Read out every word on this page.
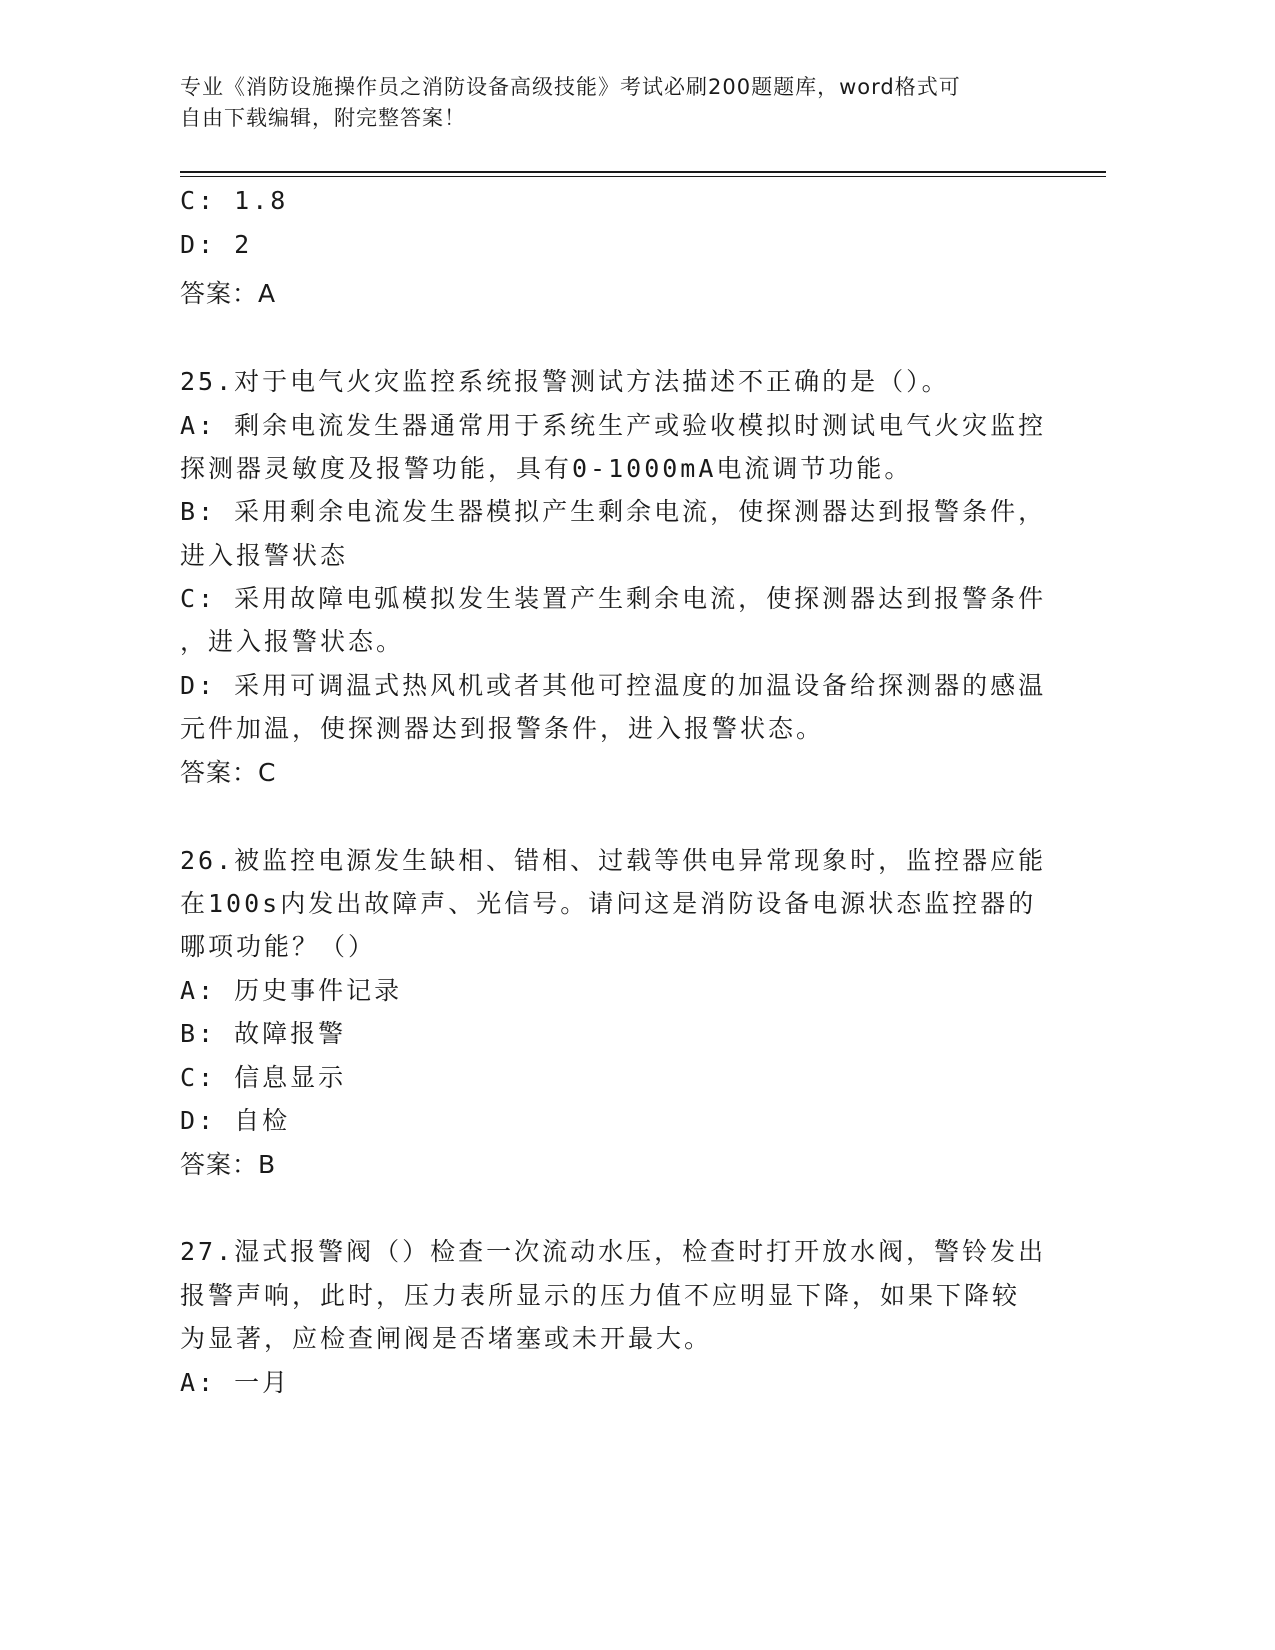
专业《消防设施操作员之消防设备高级技能》考试必刷200题题库，word格式可
自由下载编辑，附完整答案！
C: 1.8
D: 2
答案：A
25.对于电气火灾监控系统报警测试方法描述不正确的是（）。
A: 剩余电流发生器通常用于系统生产或验收模拟时测试电气火灾监控
探测器灵敏度及报警功能，具有0-1000mA电流调节功能。
B: 采用剩余电流发生器模拟产生剩余电流，使探测器达到报警条件，
进入报警状态
C: 采用故障电弧模拟发生装置产生剩余电流，使探测器达到报警条件
，进入报警状态。
D: 采用可调温式热风机或者其他可控温度的加温设备给探测器的感温
元件加温，使探测器达到报警条件，进入报警状态。
答案：C
26.被监控电源发生缺相、错相、过载等供电异常现象时，监控器应能
在100s内发出故障声、光信号。请问这是消防设备电源状态监控器的
哪项功能？（）
A: 历史事件记录
B: 故障报警
C: 信息显示
D: 自检
答案：B
27.湿式报警阀（）检查一次流动水压，检查时打开放水阀，警铃发出
报警声响，此时，压力表所显示的压力值不应明显下降，如果下降较
为显著，应检查闸阀是否堵塞或未开最大。
A: 一月
